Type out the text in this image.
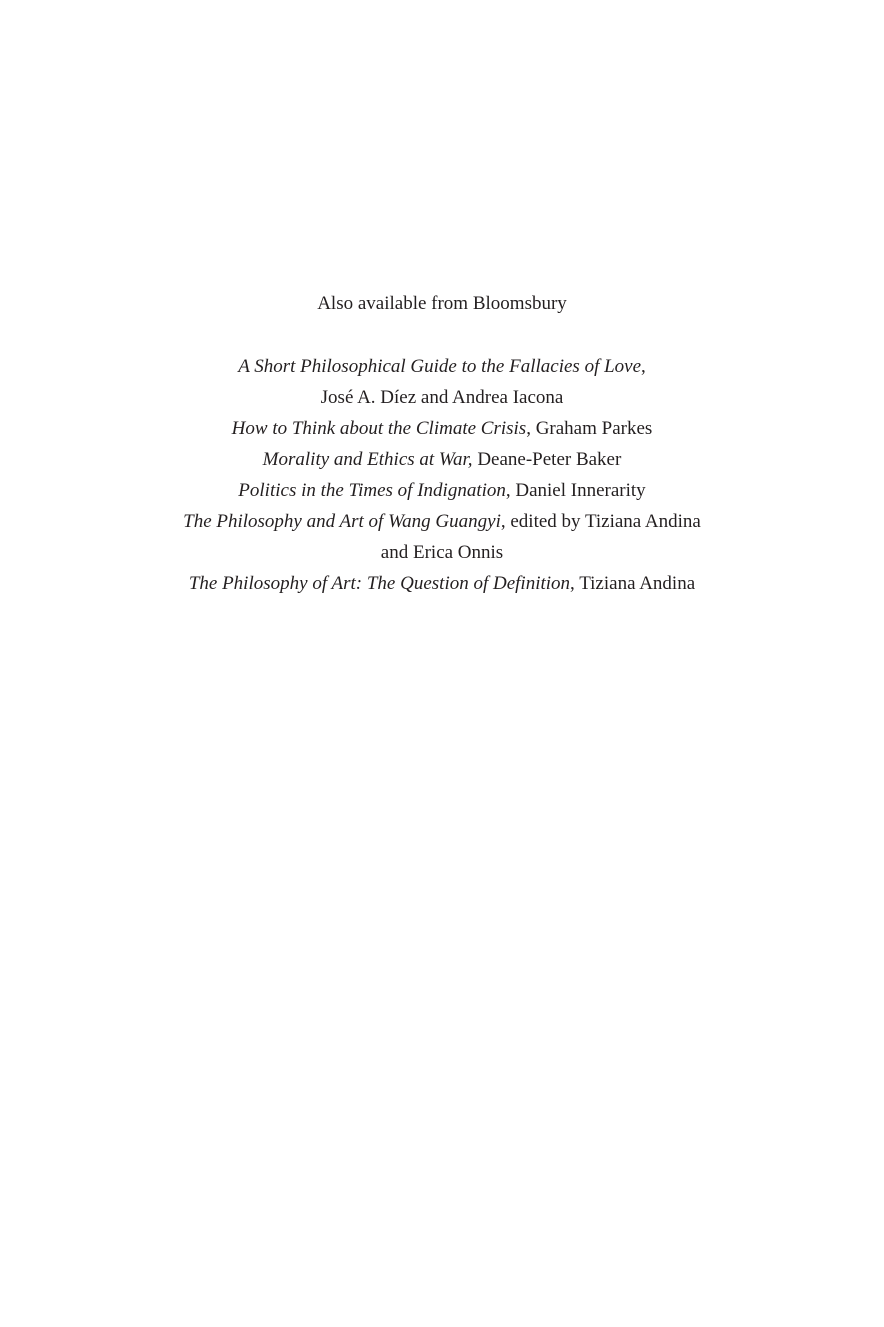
Also available from Bloomsbury
A Short Philosophical Guide to the Fallacies of Love,
José A. Díez and Andrea Iacona
How to Think about the Climate Crisis, Graham Parkes
Morality and Ethics at War, Deane-Peter Baker
Politics in the Times of Indignation, Daniel Innerarity
The Philosophy and Art of Wang Guangyi, edited by Tiziana Andina
and Erica Onnis
The Philosophy of Art: The Question of Definition, Tiziana Andina
